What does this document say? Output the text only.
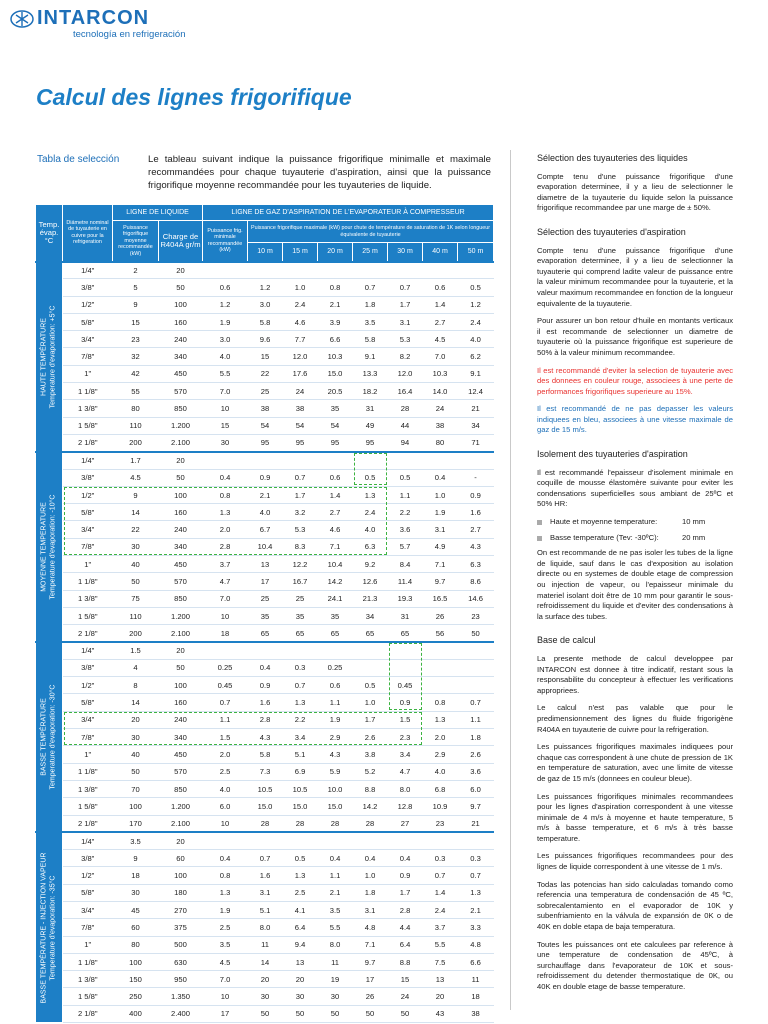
INTARCON
tecnología en refrigeración
Calcul des lignes frigorifique
Tabla de selección	Le tableau suivant indique la puissance frigorifique minimalle et maximale recommandées pour chaque tuyauterie d'aspiration, ainsi que la puissance frigorifique moyenne recommandée pour les tuyauteries de liquide.
Temp. évap. °C	Diámetre nominal de tuyauterie en cuivre pour la refrigeration	LIGNE DE LIQUIDE		LIGNE DE GAZ D'ASPIRATION DE L'EVAPORATEUR À COMPRESSEUR							
		Puissance frigorifique moyenne recommandée (kW)	Charge de R404A gr/m	Puissance frig. minimale recommandée (kW)	Puissance frigorifique maximale (kW) pour chute de température de saturation de 1K selon longueur équivalente de tuyauterie						
					10 m	15 m	20 m	25 m	30 m	40 m	50 m

HAUTE TEMPÉRATURE Temperature d'evaporation: +5°C	1/4"	2	20								
	3/8"	5	50	0.6	1.2	1.0	0.8	0.7	0.7	0.6	0.5
	1/2"	9	100	1.2	3.0	2.4	2.1	1.8	1.7	1.4	1.2
	5/8"	15	160	1.9	5.8	4.6	3.9	3.5	3.1	2.7	2.4
	3/4"	23	240	3.0	9.6	7.7	6.6	5.8	5.3	4.5	4.0
	7/8"	32	340	4.0	15	12.0	10.3	9.1	8.2	7.0	6.2
	1"	42	450	5.5	22	17.6	15.0	13.3	12.0	10.3	9.1
	1 1/8"	55	570	7.0	25	24	20.5	18.2	16.4	14.0	12.4
	1 3/8"	80	850	10	38	38	35	31	28	24	21
	1 5/8"	110	1.200	15	54	54	54	49	44	38	34
	2 1/8"	200	2.100	30	95	95	95	95	94	80	71

MOYENNE TEMPERATURE Temperature d'evaporation: -10°C	1/4"	1.7	20								
	3/8"	4.5	50	0.4	0.9	0.7	0.6	0.5	0.5	0.4	-
	1/2"	9	100	0.8	2.1	1.7	1.4	1.3	1.1	1.0	0.9
	5/8"	14	160	1.3	4.0	3.2	2.7	2.4	2.2	1.9	1.6
	3/4"	22	240	2.0	6.7	5.3	4.6	4.0	3.6	3.1	2.7
	7/8"	30	340	2.8	10.4	8.3	7.1	6.3	5.7	4.9	4.3
	1"	40	450	3.7	13	12.2	10.4	9.2	8.4	7.1	6.3
	1 1/8"	50	570	4.7	17	16.7	14.2	12.6	11.4	9.7	8.6
	1 3/8"	75	850	7.0	25	25	24.1	21.3	19.3	16.5	14.6
	1 5/8"	110	1.200	10	35	35	35	34	31	26	23
	2 1/8"	200	2.100	18	65	65	65	65	65	56	50

BASSE TEMPÉRATURE Temperature d'evaporation: -30°C	1/4"	1.5	20								
	3/8"	4	50	0.25	0.4	0.3	0.25				
	1/2"	8	100	0.45	0.9	0.7	0.6	0.5	0.45		
	5/8"	14	160	0.7	1.6	1.3	1.1	1.0	0.9	0.8	0.7
	3/4"	20	240	1.1	2.8	2.2	1.9	1.7	1.5	1.3	1.1
	7/8"	30	340	1.5	4.3	3.4	2.9	2.6	2.3	2.0	1.8
	1"	40	450	2.0	5.8	5.1	4.3	3.8	3.4	2.9	2.6
	1 1/8"	50	570	2.5	7.3	6.9	5.9	5.2	4.7	4.0	3.6
	1 3/8"	70	850	4.0	10.5	10.5	10.0	8.8	8.0	6.8	6.0
	1 5/8"	100	1.200	6.0	15.0	15.0	15.0	14.2	12.8	10.9	9.7
	2 1/8"	170	2.100	10	28	28	28	28	27	23	21

BASSE TEMPÉRATURE - INJECTION VAPEUR Temperature d'evaporation: -35°C	1/4"	3.5	20								
	3/8"	9	60	0.4	0.7	0.5	0.4	0.4	0.4	0.3	0.3
	1/2"	18	100	0.8	1.6	1.3	1.1	1.0	0.9	0.7	0.7
	5/8"	30	180	1.3	3.1	2.5	2.1	1.8	1.7	1.4	1.3
	3/4"	45	270	1.9	5.1	4.1	3.5	3.1	2.8	2.4	2.1
	7/8"	60	375	2.5	8.0	6.4	5.5	4.8	4.4	3.7	3.3
	1"	80	500	3.5	11	9.4	8.0	7.1	6.4	5.5	4.8
	1 1/8"	100	630	4.5	14	13	11	9.7	8.8	7.5	6.6
	1 3/8"	150	950	7.0	20	20	19	17	15	13	11
	1 5/8"	250	1.350	10	30	30	30	26	24	20	18
	2 1/8"	400	2.400	17	50	50	50	50	50	43	38
Sélection des tuyauteries des liquides

Compte tenu d'une puissance frigorifique d'une evaporation determinee, il y a lieu de selectionner le diametre de la tuyauterie du liquide selon la puissance frigorifique recommandee par une marge de ± 50%.

Sélection des tuyauteries d'aspiration

Compte tenu d'une puissance frigorifique d'une evaporation determinee, il y a lieu de selectionner la tuyauterie qui comprend ladite valeur de puissance entre la valeur minimum recommandee pour la tuyauterie, et la valeur maximum recommandee en fonction de la longueur equivalente de la tuyauterie.

Pour assurer un bon retour d'huile en montants verticaux il est recommande de selectionner un diametre de tuyauterie où la puissance frigorifique est superieure de 50% à la valeur minimum recommandee.

Il est recommandé d'eviter la selection de tuyauterie avec des donnees en couleur rouge, associees à une perte de performances frigorifiques superieure au 15%.

Il est recommandé de ne pas depasser les valeurs indiquees en bleu, associees à une vitesse maximale de gaz de 15 m/s.

Isolement des tuyauteries d'aspiration

Il est recommandé l'epaisseur d'isolement minimale en coquille de mousse élastomère suivante pour eviter les condensations superficielles sous ambiant de 25ºC et 50% HR:

Haute et moyenne temperature:	10 mm
Basse temperature (Tev: -30ºC):	20 mm

On est recommande de ne pas isoler les tubes de la ligne de liquide, sauf dans le cas d'exposition au isolation directe ou en systemes de double etage de compression ou injection de vapeur, ou l'epaisseur minimale du materiel isolant doit être de 10 mm pour garantir le sous-refroidissement du liquide et d'eviter des condensations à la surface des tubes.

Base de calcul

La presente methode de calcul developpee par INTARCON est donnee à titre indicatif, restant sous la responsabilite du concepteur à effectuer les verifications appropriees.

Le calcul n'est pas valable que pour le predimensionnement des lignes du fluide frigorigène R404A en tuyauterie de cuivre pour la refrigeration.

Les puissances frigorifiques maximales indiquees pour chaque cas correspondent à une chute de pression de 1K en temperature de saturation, avec une limite de vitesse de gaz de 15 m/s (donnees en couleur bleue).

Les puissances frigorifiques minimales recommandees pour les lignes d'aspiration correspondent à une vitesse minimale de 4 m/s à moyenne et haute temperature, 5 m/s à basse temperature, et 6 m/s à très basse temperature.

Les puissances frigorifiques recommandees pour des lignes de liquide correspondent à une vitesse de 1 m/s.

Todas las potencias han sido calculadas tomando como referencia una temperatura de condensación de 45 ºC, sobrecalentamiento en el evaporador de 10K y subenfriamiento en la válvula de expansión de 0K o de 40K en doble etapa de baja temperatura.

Toutes les puissances ont ete calculees par reference à une temperature de condensation de 45ºC, à surchauffage dans l'evaporateur de 10K et sous-refroidissement du detender thermostatique de 0K, ou 40K en double etage de basse temperature.
